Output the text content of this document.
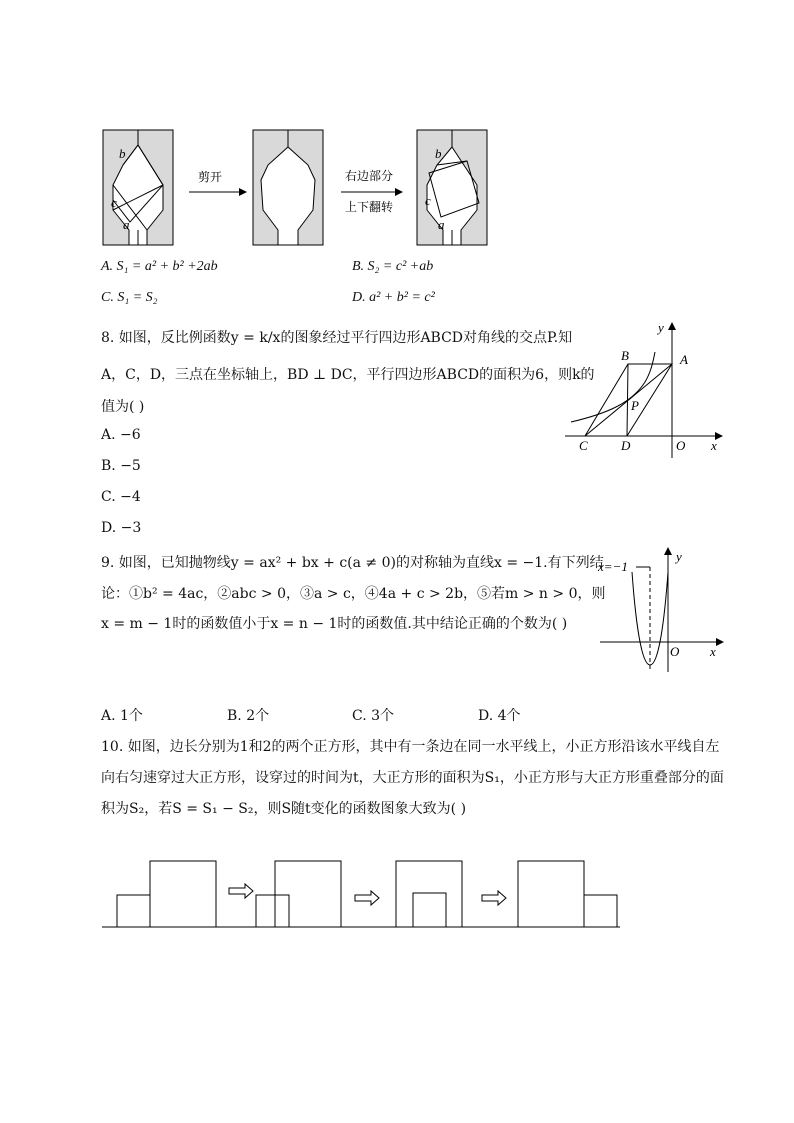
b
c
a
剪开	右边部分
上下翻转
b
c
a
A. S₁ = a² + b² +2ab	B. S₂ = c² +ab
C. S₁ = S₂	D. a² + b² = c²
8. 如图，反比例函数y = k/x的图象经过平行四边形ABCD对角线的交点P.知
A，C，D，三点在坐标轴上，BD ⊥ DC，平行四边形ABCD的面积为6，则k的
值为( )
A. −6
B. −5
C. −4
D. −3
y
x
B	A
P
C	D	O
9. 如图，已知抛物线y = ax² + bx + c(a ≠ 0)的对称轴为直线x = −1.有下列结
论：①b² = 4ac，②abc > 0，③a > c，④4a + c > 2b，⑤若m > n > 0，则
x = m − 1时的函数值小于x = n − 1时的函数值.其中结论正确的个数为( )
x=−1
y
O x
A. 1个	B. 2个	C. 3个	D. 4个
10. 如图，边长分别为1和2的两个正方形，其中有一条边在同一水平线上，小正方形沿该水平线自左
向右匀速穿过大正方形，设穿过的时间为t，大正方形的面积为S₁，小正方形与大正方形重叠部分的面
积为S₂，若S = S₁ − S₂，则S随t变化的函数图象大致为( )
